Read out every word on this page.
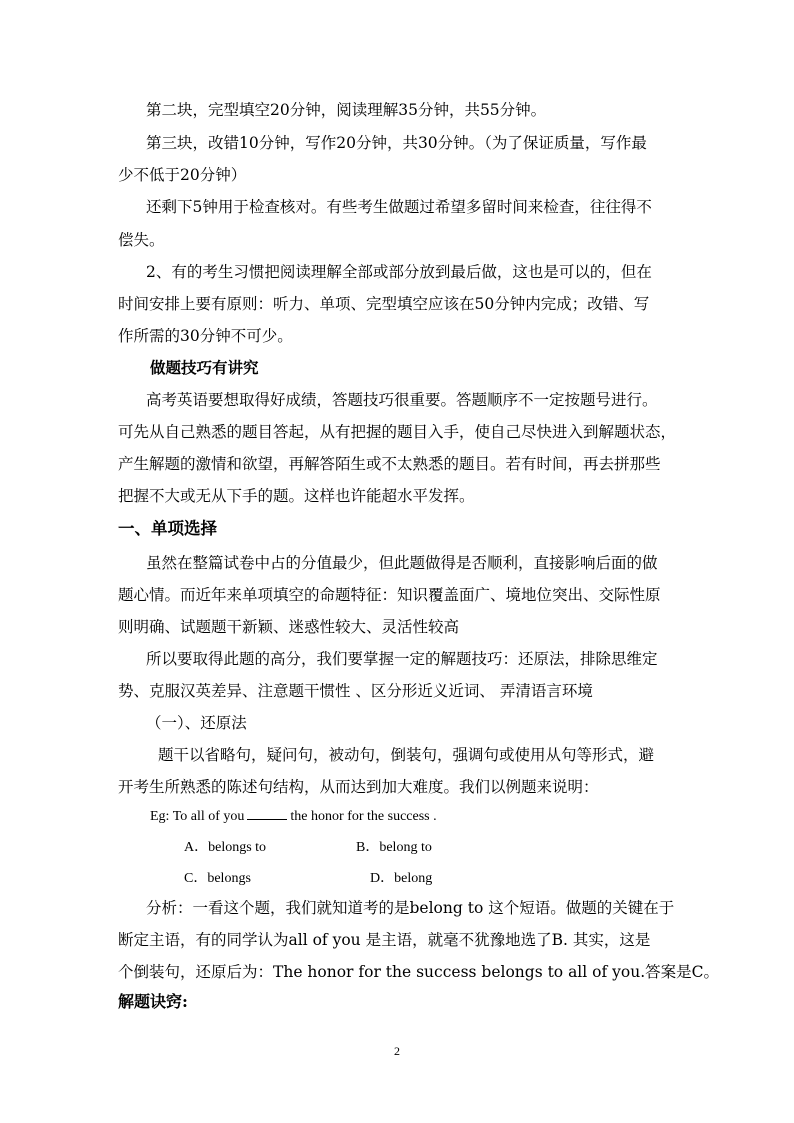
第二块，完型填空20分钟，阅读理解35分钟，共55分钟。
第三块，改错10分钟，写作20分钟，共30分钟。（为了保证质量，写作最
少不低于20分钟）
还剩下5钟用于检查核对。有些考生做题过希望多留时间来检查，往往得不
偿失。
2、有的考生习惯把阅读理解全部或部分放到最后做，这也是可以的，但在
时间安排上要有原则：听力、单项、完型填空应该在50分钟内完成；改错、写
作所需的30分钟不可少。
做题技巧有讲究
高考英语要想取得好成绩，答题技巧很重要。答题顺序不一定按题号进行。
可先从自己熟悉的题目答起，从有把握的题目入手，使自己尽快进入到解题状态，
产生解题的激情和欲望，再解答陌生或不太熟悉的题目。若有时间，再去拼那些
把握不大或无从下手的题。这样也许能超水平发挥。
一、单项选择
虽然在整篇试卷中占的分值最少，但此题做得是否顺利，直接影响后面的做
题心情。而近年来单项填空的命题特征：知识覆盖面广、境地位突出、交际性原
则明确、试题题干新颖、迷惑性较大、灵活性较高
所以要取得此题的高分，我们要掌握一定的解题技巧：还原法，排除思维定
势、克服汉英差异、注意题干惯性 、区分形近义近词、 弄清语言环境
（一）、还原法
题干以省略句，疑问句，被动句，倒装句，强调句或使用从句等形式，避
开考生所熟悉的陈述句结构，从而达到加大难度。我们以例题来说明：
Eg: To all of you	the honor for the success .
A．belongs to	B．belong to
C．belongs	D．belong
分析：一看这个题，我们就知道考的是belong to 这个短语。做题的关键在于
断定主语，有的同学认为all of you 是主语，就毫不犹豫地选了B. 其实，这是
个倒装句，还原后为：The honor for the success belongs to all of you.答案是C。
解题诀窍:
2
